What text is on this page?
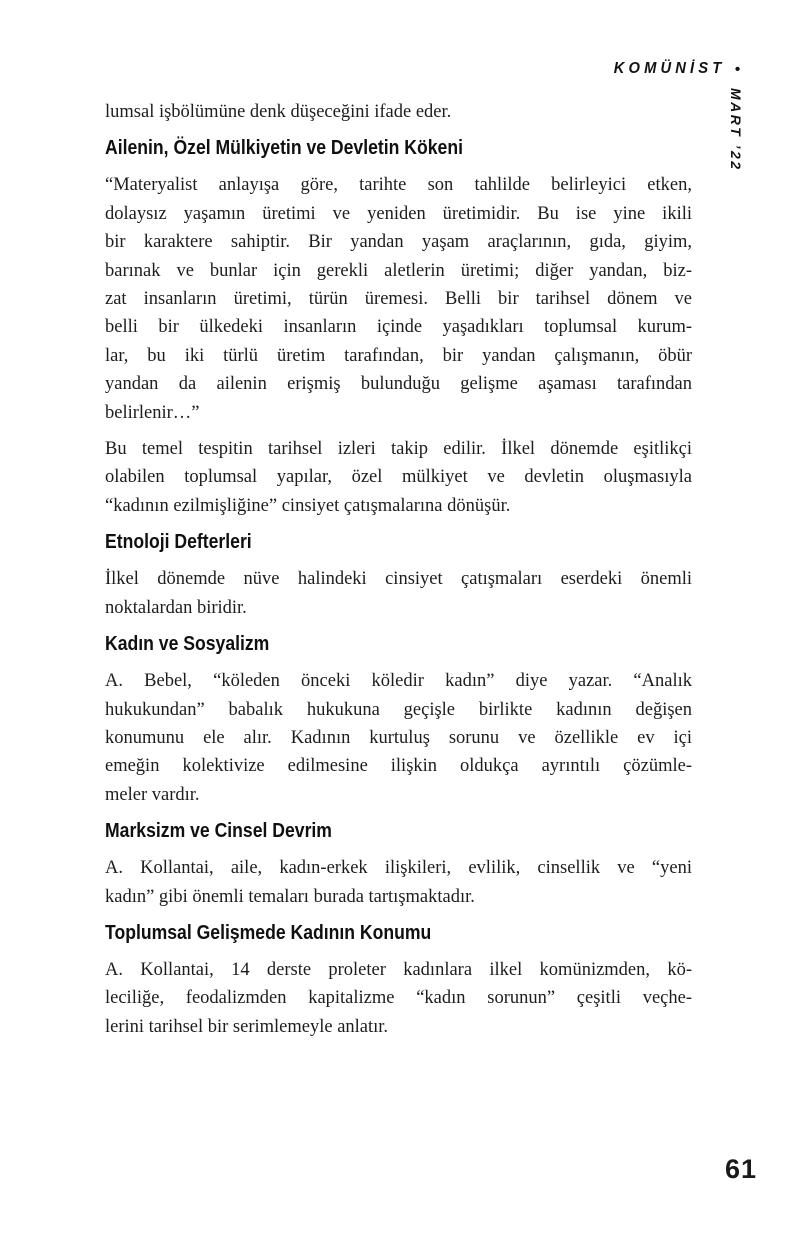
KOMÜNİST •
MART ’22
lumsal işbölümüne denk düşeceğini ifade eder.
Ailenin, Özel Mülkiyetin ve Devletin Kökeni
“Materyalist anlayışa göre, tarihte son tahlilde belirleyici etken,
dolaysız yaşamın üretimi ve yeniden üretimidir. Bu ise yine ikili
bir karaktere sahiptir. Bir yandan yaşam araçlarının, gıda, giyim,
barınak ve bunlar için gerekli aletlerin üretimi; diğer yandan, biz-
zat insanların üretimi, türün üremesi. Belli bir tarihsel dönem ve
belli bir ülkedeki insanların içinde yaşadıkları toplumsal kurum-
lar, bu iki türlü üretim tarafından, bir yandan çalışmanın, öbür
yandan da ailenin erişmiş bulunduğu gelişme aşaması tarafından
belirlenir…”
Bu temel tespitin tarihsel izleri takip edilir. İlkel dönemde eşitlikçi
olabilen toplumsal yapılar, özel mülkiyet ve devletin oluşmasıyla
“kadının ezilmişliğine” cinsiyet çatışmalarına dönüşür.
Etnoloji Defterleri
İlkel dönemde nüve halindeki cinsiyet çatışmaları eserdeki önemli
noktalardan biridir.
Kadın ve Sosyalizm
A. Bebel, “köleden önceki köledir kadın” diye yazar. “Analık
hukukundan” babalık hukukuna geçişle birlikte kadının değişen
konumunu ele alır. Kadının kurtuluş sorunu ve özellikle ev içi
emeğin kolektivize edilmesine ilişkin oldukça ayrıntılı çözümle-
meler vardır.
Marksizm ve Cinsel Devrim
A. Kollantai, aile, kadın-erkek ilişkileri, evlilik, cinsellik ve “yeni
kadın” gibi önemli temaları burada tartışmaktadır.
Toplumsal Gelişmede Kadının Konumu
A. Kollantai, 14 derste proleter kadınlara ilkel komünizmden, kö-
leciliğe, feodalizmden kapitalizme “kadın sorunun” çeşitli veçhe-
lerini tarihsel bir serimlemeyle anlatır.
61
